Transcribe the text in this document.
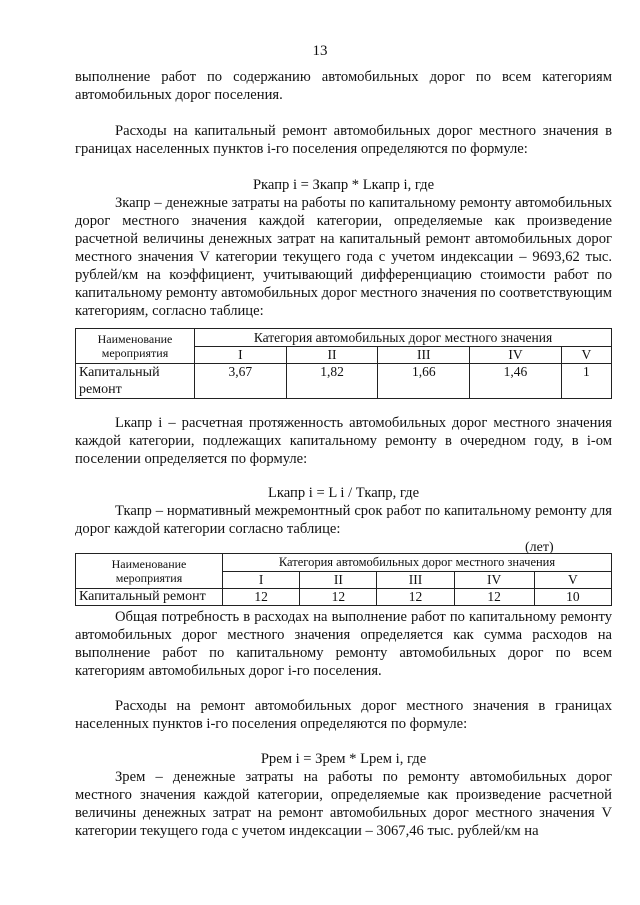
13
выполнение работ по содержанию автомобильных дорог по всем категориям автомобильных дорог поселения.
Расходы на капитальный ремонт автомобильных дорог местного значения в границах населенных пунктов i-го поселения определяются по формуле:
Ркапр i = Зкапр * Lкапр i, где
Зкапр – денежные затраты на работы по капитальному ремонту автомобильных дорог местного значения каждой категории, определяемые как произведение расчетной величины денежных затрат на капитальный ремонт автомобильных дорог местного значения V категории текущего года с учетом индексации – 9693,62 тыс. рублей/км на коэффициент, учитывающий дифференциацию стоимости работ по капитальному ремонту автомобильных дорог местного значения по соответствующим категориям, согласно таблице:
Наименование мероприятия	Категория автомобильных дорог местного значения				
	I	II	III	IV	V
Капитальный ремонт	3,67	1,82	1,66	1,46	1
Lкапр i – расчетная протяженность автомобильных дорог местного значения каждой категории, подлежащих капитальному ремонту в очередном году, в i-ом поселении определяется по формуле:
Lкапр i = L i / Ткапр, где
Ткапр – нормативный межремонтный срок работ по капитальному ремонту для дорог каждой категории согласно таблице:
(лет)
Наименование мероприятия	Категория автомобильных дорог местного значения				
	I	II	III	IV	V
Капитальный ремонт	12	12	12	12	10
Общая потребность в расходах на выполнение работ по капитальному ремонту автомобильных дорог местного значения определяется как сумма расходов на выполнение работ по капитальному ремонту автомобильных дорог по всем категориям автомобильных дорог i-го поселения.
Расходы на ремонт автомобильных дорог местного значения в границах населенных пунктов i-го поселения определяются по формуле:
Ррем i = Зрем * Lрем i, где
Зрем – денежные затраты на работы по ремонту автомобильных дорог местного значения каждой категории, определяемые как произведение расчетной величины денежных затрат на ремонт автомобильных дорог местного значения V категории текущего года с учетом индексации – 3067,46 тыс. рублей/км на
